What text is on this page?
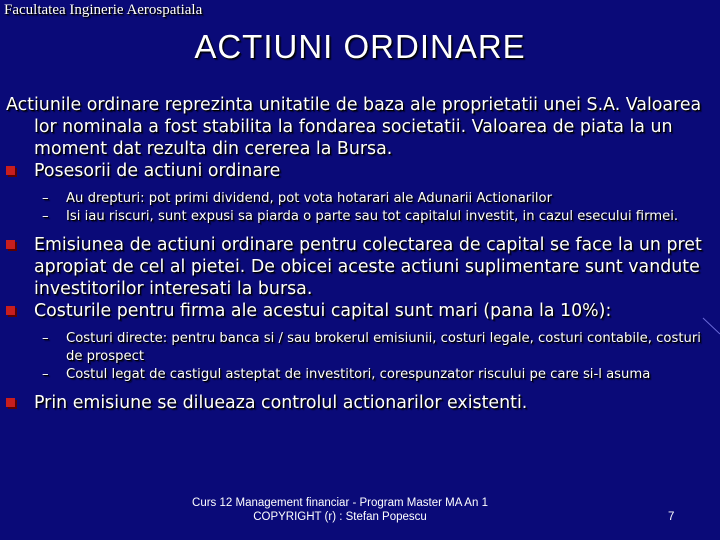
Facultatea Inginerie Aerospatiala
ACTIUNI ORDINARE

Actiunile ordinare reprezinta unitatile de baza ale proprietatii unei S.A. Valoarea lor nominala a fost stabilita la fondarea societatii. Valoarea de piata la un moment dat rezulta din cererea la Bursa.

Posesorii de actiuni ordinare
– Au drepturi: pot primi dividend, pot vota hotarari ale Adunarii Actionarilor
– Isi iau riscuri, sunt expusi sa piarda o parte sau tot capitalul investit, in cazul esecului firmei.
Emisiunea de actiuni ordinare pentru colectarea de capital se face la un pret apropiat de cel al pietei. De obicei aceste actiuni suplimentare sunt vandute investitorilor interesati la bursa.
Costurile pentru firma ale acestui capital sunt mari (pana la 10%):
– Costuri directe: pentru banca si / sau brokerul emisiunii, costuri legale, costuri contabile, costuri de prospect
– Costul legat de castigul asteptat de investitori, corespunzator riscului pe care si-l asuma
Prin emisiune se dilueaza controlul actionarilor existenti.
Curs 12 Management financiar - Program Master MA An 1
COPYRIGHT (r) : Stefan Popescu	7
